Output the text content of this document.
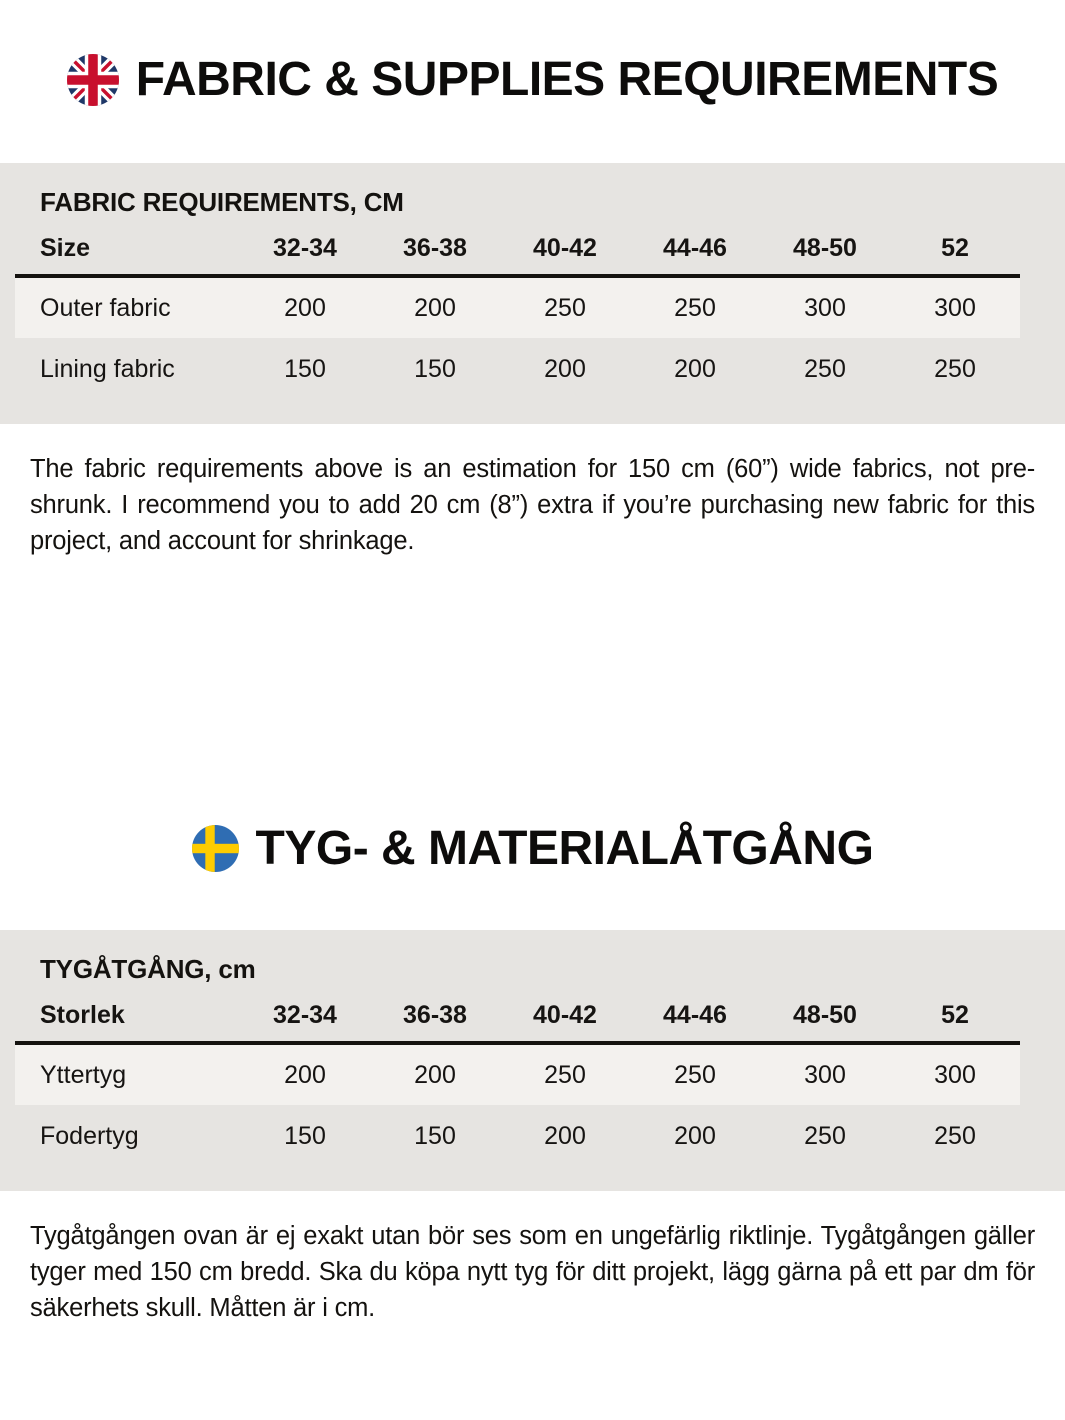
FABRIC & SUPPLIES REQUIREMENTS
FABRIC REQUIREMENTS, CM
Size	32-34	36-38	40-42	44-46	48-50	52
Outer fabric	200	200	250	250	300	300
Lining fabric	150	150	200	200	250	250

The fabric requirements above is an estimation for 150 cm (60”) wide fabrics, not pre-shrunk. I recommend you to add 20 cm (8”) extra if you’re purchasing new fabric for this project, and account for shrinkage.

TYG- & MATERIALÅTGÅNG
TYGÅTGÅNG, cm
Storlek	32-34	36-38	40-42	44-46	48-50	52
Yttertyg	200	200	250	250	300	300
Fodertyg	150	150	200	200	250	250

Tygåtgången ovan är ej exakt utan bör ses som en ungefärlig riktlinje. Tygåtgången gäller tyger med 150 cm bredd. Ska du köpa nytt tyg för ditt projekt, lägg gärna på ett par dm för säkerhets skull. Måtten är i cm.
